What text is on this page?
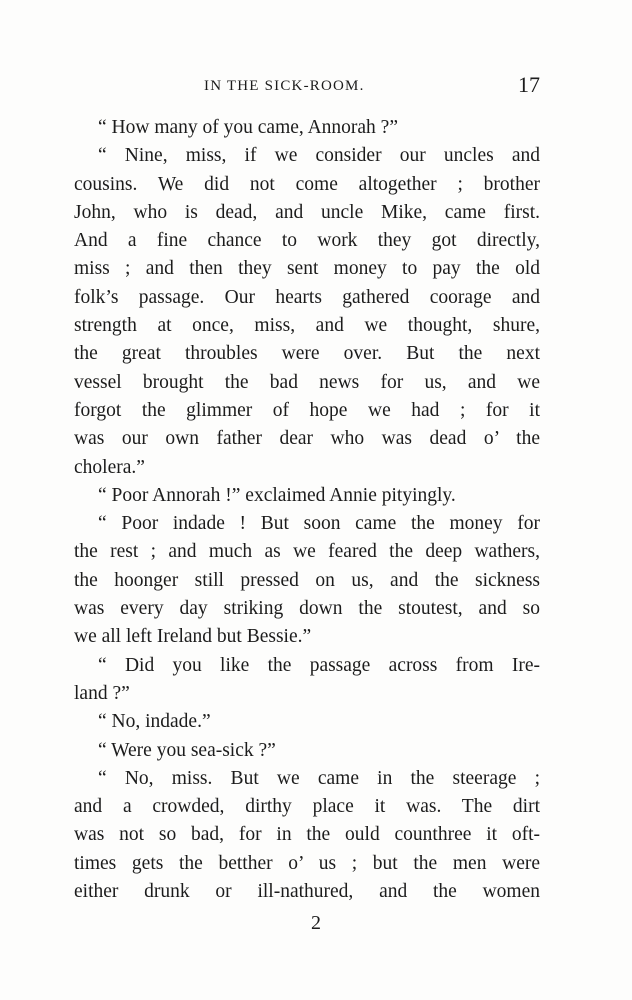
IN THE SICK-ROOM.	17
“ How many of you came, Annorah ?”
“ Nine, miss, if we consider our uncles and
cousins. We did not come altogether ; brother
John, who is dead, and uncle Mike, came first.
And a fine chance to work they got directly,
miss ; and then they sent money to pay the old
folk’s passage. Our hearts gathered coorage and
strength at once, miss, and we thought, shure,
the great throubles were over. But the next
vessel brought the bad news for us, and we
forgot the glimmer of hope we had ; for it
was our own father dear who was dead o’ the
cholera.”
“ Poor Annorah !” exclaimed Annie pityingly.
“ Poor indade ! But soon came the money for
the rest ; and much as we feared the deep wathers,
the hoonger still pressed on us, and the sickness
was every day striking down the stoutest, and so
we all left Ireland but Bessie.”
“ Did you like the passage across from Ire-
land ?”
“ No, indade.”
“ Were you sea-sick ?”
“ No, miss. But we came in the steerage ;
and a crowded, dirthy place it was. The dirt
was not so bad, for in the ould counthree it oft-
times gets the betther o’ us ; but the men were
either drunk or ill-nathured, and the women
2
